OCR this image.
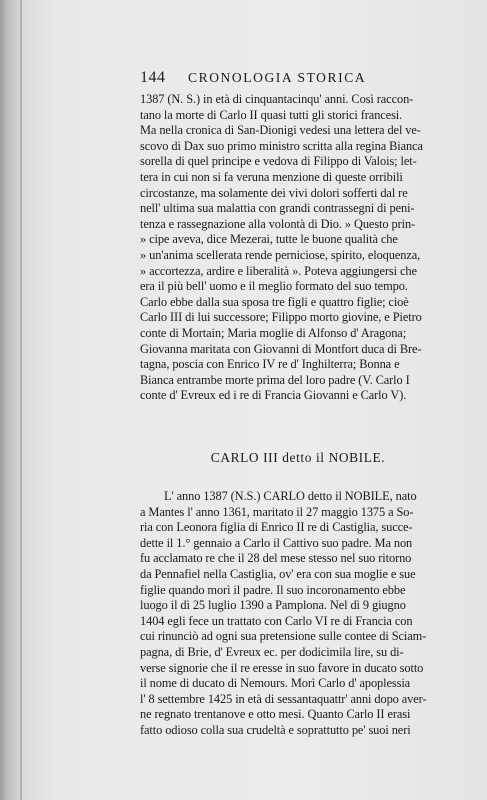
144 CRONOLOGIA STORICA
1387 (N. S.) in età di cinquantacinqu' anni. Così raccon-
tano la morte di Carlo II quasi tutti gli storici francesi.
Ma nella cronica di San-Dionigi vedesi una lettera del ve-
scovo di Dax suo primo ministro scritta alla regina Bianca
sorella di quel principe e vedova di Filippo di Valois; let-
tera in cui non si fa veruna menzione di queste orribili
circostanze, ma solamente dei vivi dolori sofferti dal re
nell' ultima sua malattia con grandi contrassegni di peni-
tenza e rassegnazione alla volontà di Dio. » Questo prin-
» cipe aveva, dice Mezerai, tutte le buone qualità che
» un'anima scellerata rende perniciose, spirito, eloquenza,
» accortezza, ardire e liberalità ». Poteva aggiungersi che
era il più bell' uomo e il meglio formato del suo tempo.
Carlo ebbe dalla sua sposa tre figli e quattro figlie; cioè
Carlo III di lui successore; Filippo morto giovine, e Pietro
conte di Mortain; Maria moglie di Alfonso d' Aragona;
Giovanna maritata con Giovanni di Montfort duca di Bre-
tagna, poscia con Enrico IV re d' Inghilterra; Bonna e
Bianca entrambe morte prima del loro padre (V. Carlo I
conte d' Evreux ed i re di Francia Giovanni e Carlo V).
CARLO III detto il NOBILE.
L' anno 1387 (N.S.) CARLO detto il NOBILE, nato
a Mantes l' anno 1361, maritato il 27 maggio 1375 a So-
ria con Leonora figlia di Enrico II re di Castiglia, succe-
dette il 1.° gennaio a Carlo il Cattivo suo padre. Ma non
fu acclamato re che il 28 del mese stesso nel suo ritorno
da Pennafiel nella Castiglia, ov' era con sua moglie e sue
figlie quando morì il padre. Il suo incoronamento ebbe
luogo il dì 25 luglio 1390 a Pamplona. Nel dì 9 giugno
1404 egli fece un trattato con Carlo VI re di Francia con
cui rinunciò ad ogni sua pretensione sulle contee di Sciam-
pagna, di Brie, d' Evreux ec. per dodicimila lire, su di-
verse signorie che il re eresse in suo favore in ducato sotto
il nome di ducato di Nemours. Morì Carlo d' apoplessia
l' 8 settembre 1425 in età di sessantaquattr' anni dopo aver-
ne regnato trentanove e otto mesi. Quanto Carlo II erasi
fatto odioso colla sua crudeltà e soprattutto pe' suoi neri
